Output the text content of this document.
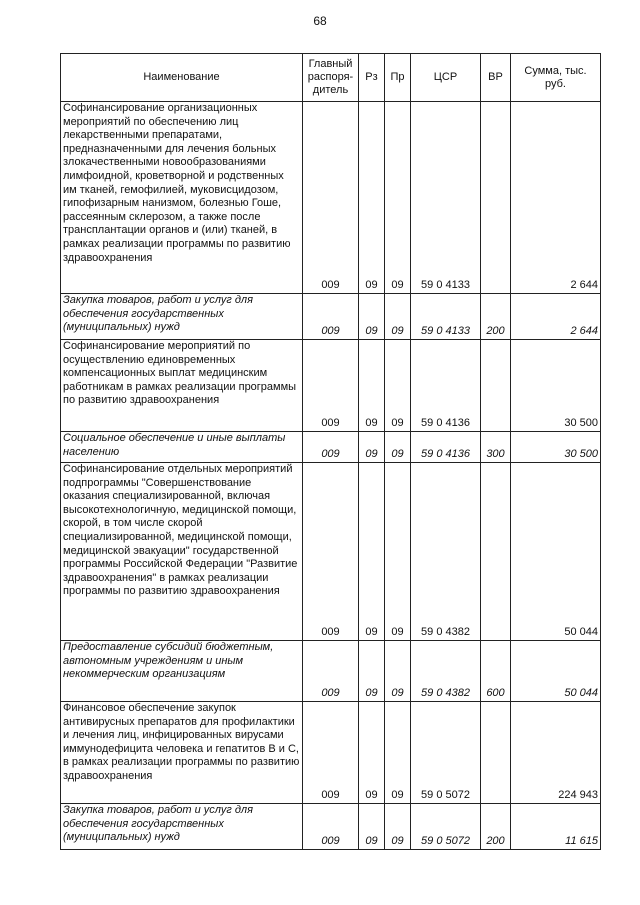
68
Наименование	Главный распоря-дитель	Рз	Пр	ЦСР	ВР	Сумма, тыс. руб.

Софинансирование организационных мероприятий по обеспечению лиц лекарственными препаратами, предназначенными для лечения больных злокачественными новообразованиями лимфоидной, кроветворной и родственных им тканей, гемофилией, муковисцидозом, гипофизарным нанизмом, болезнью Гоше, рассеянным склерозом, а также после трансплантации органов и (или) тканей, в рамках реализации программы по развитию здравоохранения	009	09	09	59 0 4133		2 644

Закупка товаров, работ и услуг для обеспечения государственных (муниципальных) нужд	009	09	09	59 0 4133	200	2 644

Софинансирование мероприятий по осуществлению единовременных компенсационных выплат медицинским работникам в рамках реализации программы по развитию здравоохранения	009	09	09	59 0 4136		30 500

Социальное обеспечение и иные выплаты населению	009	09	09	59 0 4136	300	30 500

Софинансирование отдельных мероприятий подпрограммы "Совершенствование оказания специализированной, включая высокотехнологичную, медицинской помощи, скорой, в том числе скорой специализированной, медицинской помощи, медицинской эвакуации" государственной программы Российской Федерации "Развитие здравоохранения" в рамках реализации программы по развитию здравоохранения	009	09	09	59 0 4382		50 044

Предоставление субсидий бюджетным, автономным учреждениям и иным некоммерческим организациям	009	09	09	59 0 4382	600	50 044

Финансовое обеспечение закупок антивирусных препаратов для профилактики и лечения лиц, инфицированных вирусами иммунодефицита человека и гепатитов В и С, в рамках реализации программы по развитию здравоохранения	009	09	09	59 0 5072		224 943

Закупка товаров, работ и услуг для обеспечения государственных (муниципальных) нужд	009	09	09	59 0 5072	200	11 615
